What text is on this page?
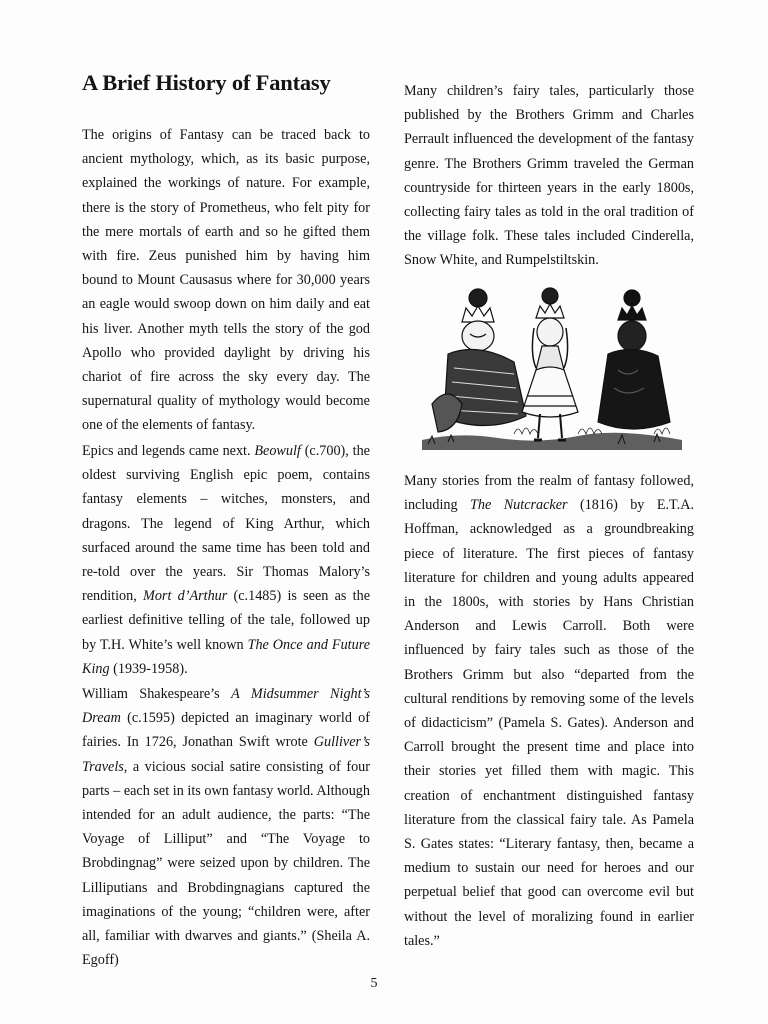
A Brief History of Fantasy

The origins of Fantasy can be traced back to ancient mythology, which, as its basic purpose, explained the workings of nature. For example, there is the story of Prometheus, who felt pity for the mere mortals of earth and so he gifted them with fire. Zeus punished him by having him bound to Mount Causasus where for 30,000 years an eagle would swoop down on him daily and eat his liver. Another myth tells the story of the god Apollo who provided daylight by driving his chariot of fire across the sky every day. The supernatural quality of mythology would become one of the elements of fantasy.

Epics and legends came next. Beowulf (c.700), the oldest surviving English epic poem, contains fantasy elements – witches, monsters, and dragons. The legend of King Arthur, which surfaced around the same time has been told and re-told over the years. Sir Thomas Malory’s rendition, Mort d’Arthur (c.1485) is seen as the earliest definitive telling of the tale, followed up by T.H. White’s well known The Once and Future King (1939-1958).

William Shakespeare’s A Midsummer Night’s Dream (c.1595) depicted an imaginary world of fairies. In 1726, Jonathan Swift wrote Gulliver’s Travels, a vicious social satire consisting of four parts – each set in its own fantasy world. Although intended for an adult audience, the parts: “The Voyage of Lilliput” and “The Voyage to Brobdingnag” were seized upon by children. The Lilliputians and Brobdingnagians captured the imaginations of the young; “children were, after all, familiar with dwarves and giants.” (Sheila A. Egoff)

Many children’s fairy tales, particularly those published by the Brothers Grimm and Charles Perrault influenced the development of the fantasy genre. The Brothers Grimm traveled the German countryside for thirteen years in the early 1800s, collecting fairy tales as told in the oral tradition of the village folk. These tales included Cinderella, Snow White, and Rumpelstiltskin.

Many stories from the realm of fantasy followed, including The Nutcracker (1816) by E.T.A. Hoffman, acknowledged as a groundbreaking piece of literature. The first pieces of fantasy literature for children and young adults appeared in the 1800s, with stories by Hans Christian Anderson and Lewis Carroll. Both were influenced by fairy tales such as those of the Brothers Grimm but also “departed from the cultural renditions by removing some of the levels of didacticism” (Pamela S. Gates). Anderson and Carroll brought the present time and place into their stories yet filled them with magic. This creation of enchantment distinguished fantasy literature from the classical fairy tale. As Pamela S. Gates states: “Literary fantasy, then, became a medium to sustain our need for heroes and our perpetual belief that good can overcome evil but without the level of moralizing found in earlier tales.”

5
